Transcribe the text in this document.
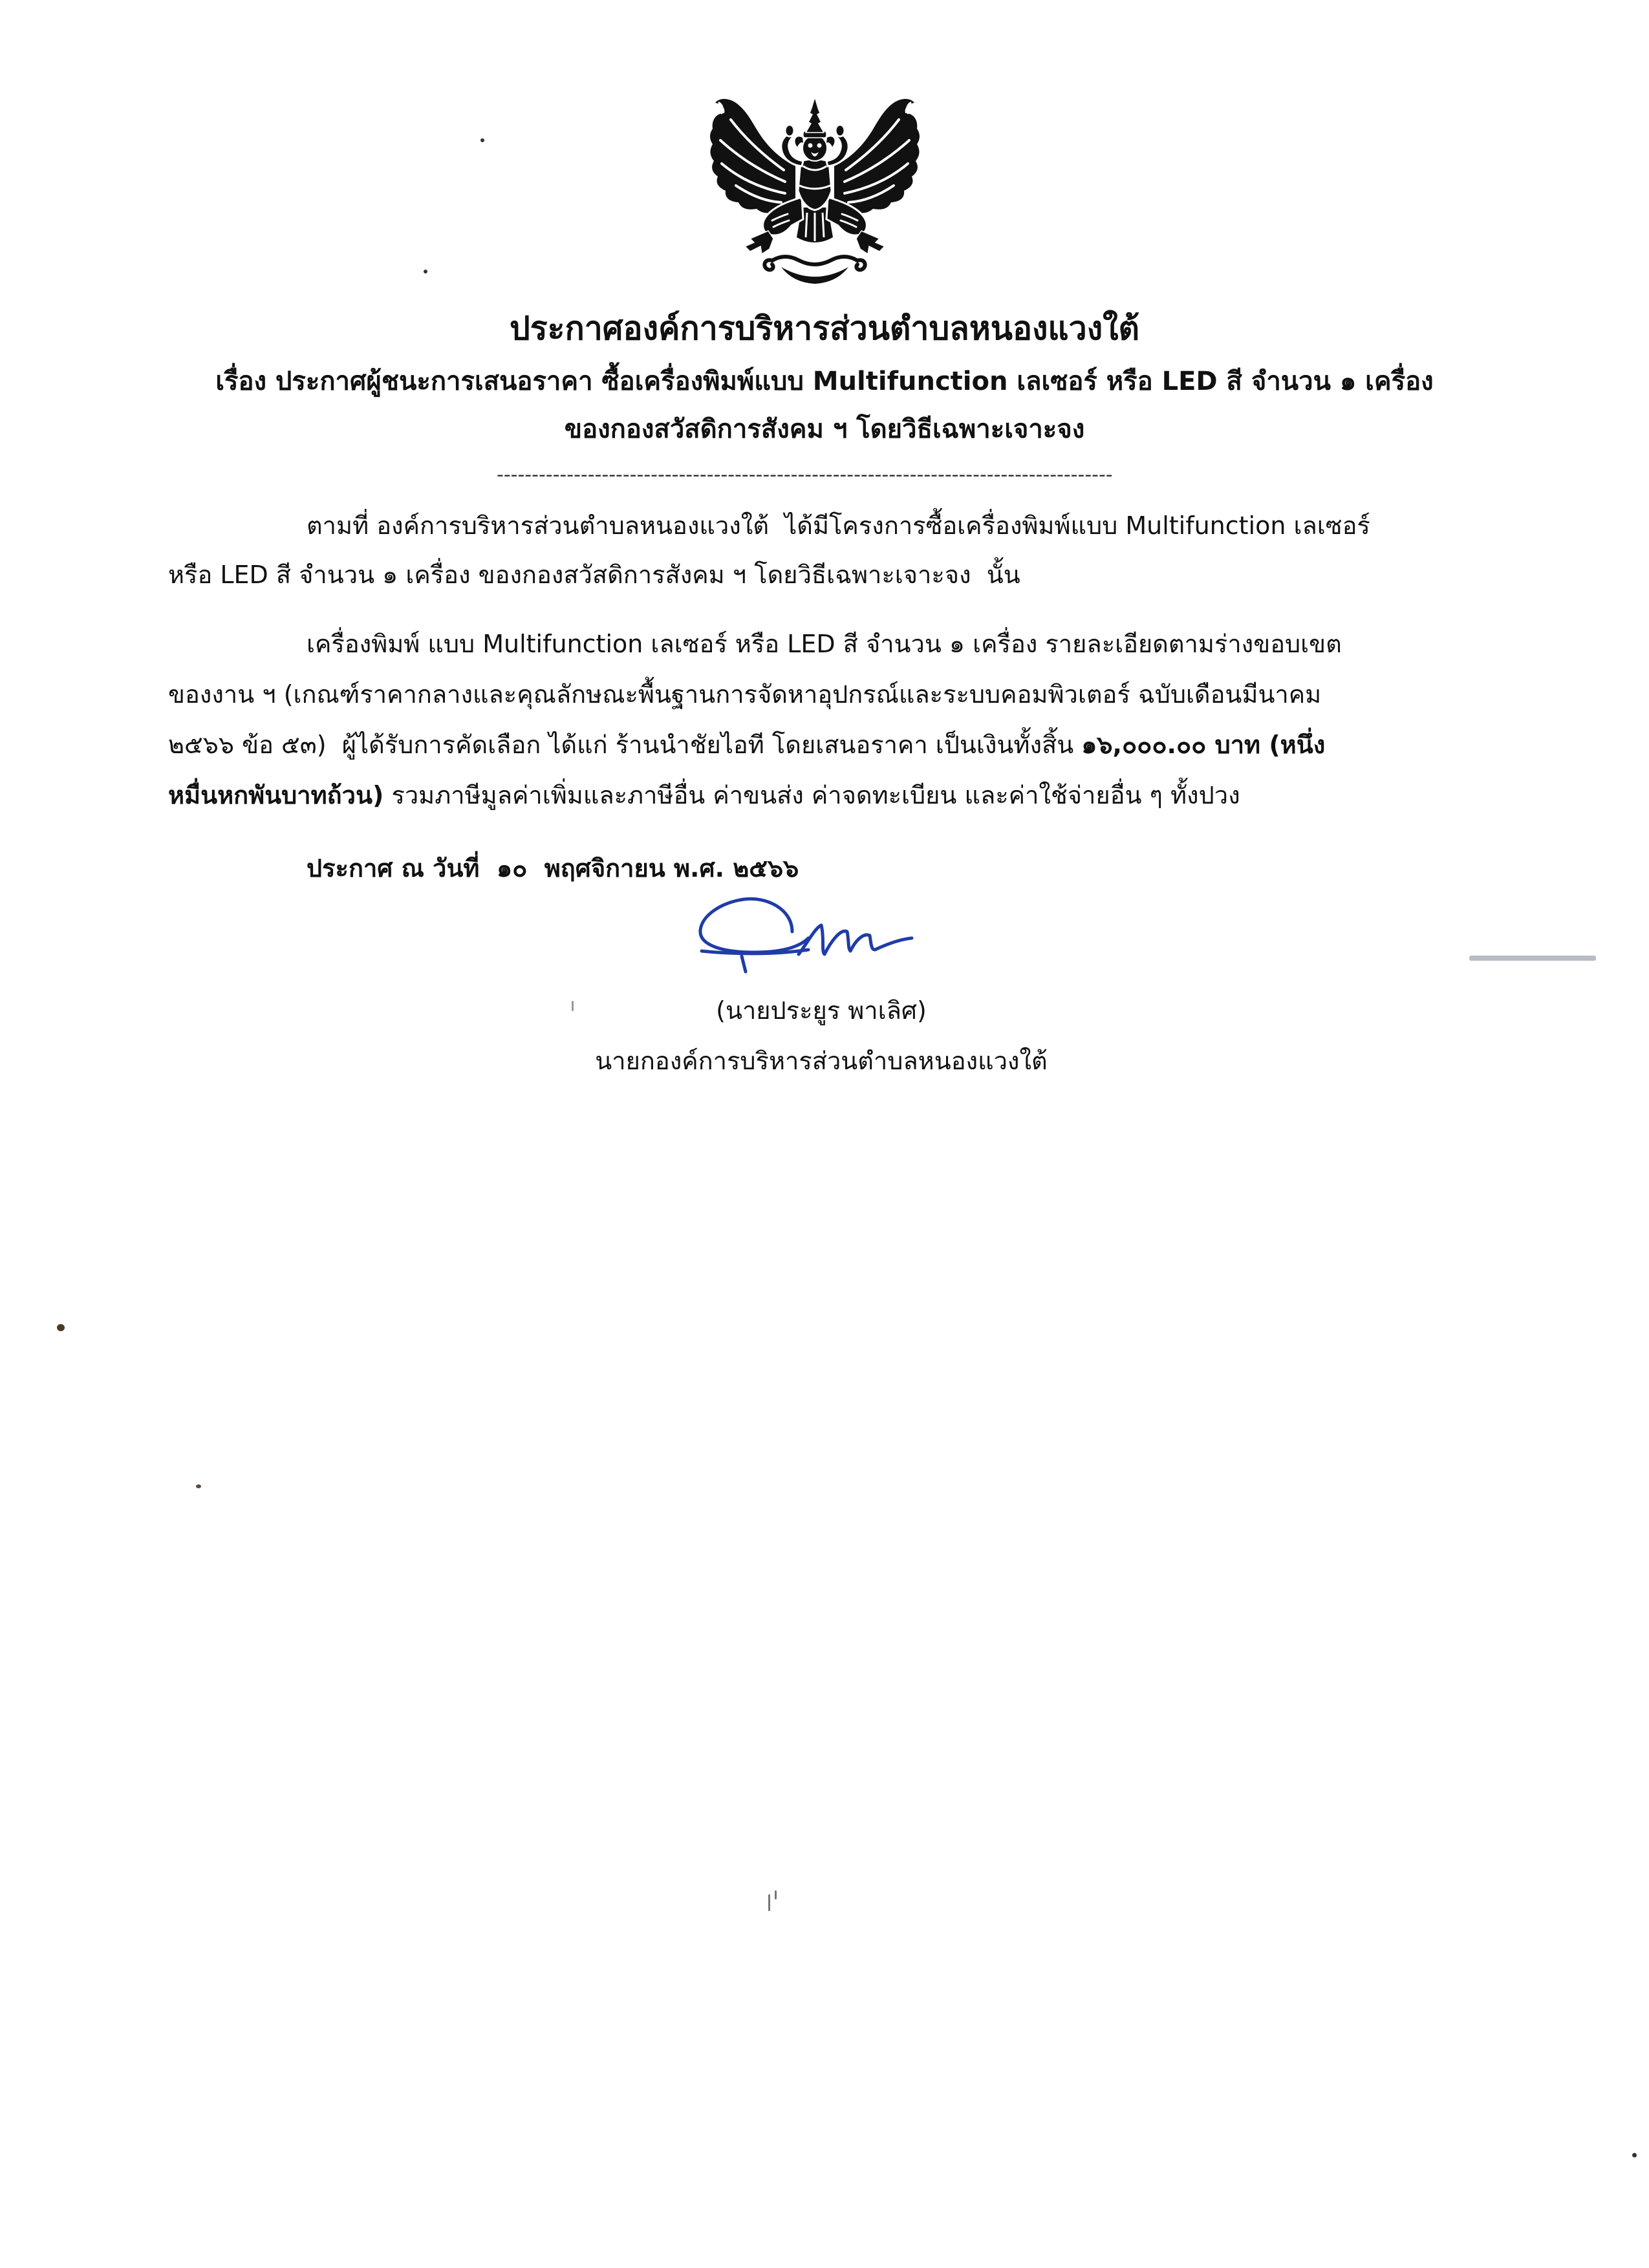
ประกาศองค์การบริหารส่วนตำบลหนองแวงใต้
เรื่อง ประกาศผู้ชนะการเสนอราคา ซื้อเครื่องพิมพ์แบบ Multifunction เลเซอร์ หรือ LED สี จำนวน ๑ เครื่อง
ของกองสวัสดิการสังคม ฯ โดยวิธีเฉพาะเจาะจง
----------------------------------------------------------------------------------------
ตามที่ องค์การบริหารส่วนตำบลหนองแวงใต้  ได้มีโครงการซื้อเครื่องพิมพ์แบบ Multifunction เลเซอร์
หรือ LED สี จำนวน ๑ เครื่อง ของกองสวัสดิการสังคม ฯ โดยวิธีเฉพาะเจาะจง  นั้น
เครื่องพิมพ์ แบบ Multifunction เลเซอร์ หรือ LED สี จำนวน ๑ เครื่อง รายละเอียดตามร่างขอบเขต
ของงาน ฯ (เกณฑ์ราคากลางและคุณลักษณะพื้นฐานการจัดหาอุปกรณ์และระบบคอมพิวเตอร์ ฉบับเดือนมีนาคม
๒๕๖๖ ข้อ ๕๓)  ผู้ได้รับการคัดเลือก ได้แก่ ร้านนำชัยไอที โดยเสนอราคา เป็นเงินทั้งสิ้น ๑๖,๐๐๐.๐๐ บาท (หนึ่ง
หมื่นหกพันบาทถ้วน) รวมภาษีมูลค่าเพิ่มและภาษีอื่น ค่าขนส่ง ค่าจดทะเบียน และค่าใช้จ่ายอื่น ๆ ทั้งปวง
ประกาศ ณ วันที่  ๑๐  พฤศจิกายน พ.ศ. ๒๕๖๖
(นายประยูร พาเลิศ)
นายกองค์การบริหารส่วนตำบลหนองแวงใต้
